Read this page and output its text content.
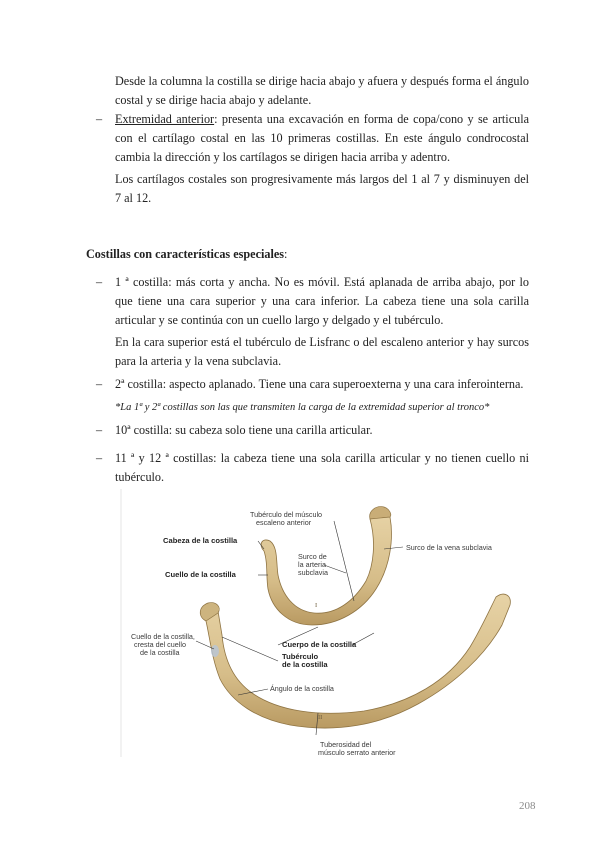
Desde la columna la costilla se dirige hacia abajo y afuera y después forma el ángulo costal y se dirige hacia abajo y adelante.

– Extremidad anterior: presenta una excavación en forma de copa/cono y se articula con el cartílago costal en las 10 primeras costillas. En este ángulo condrocostal cambia la dirección y los cartílagos se dirigen hacia arriba y adentro.

Los cartílagos costales son progresivamente más largos del 1 al 7 y disminuyen del 7 al 12.

Costillas con características especiales:

– 1 ª costilla: más corta y ancha. No es móvil. Está aplanada de arriba abajo, por lo que tiene una cara superior y una cara inferior. La cabeza tiene una sola carilla articular y se continúa con un cuello largo y delgado y el tubérculo.

En la cara superior está el tubérculo de Lisfranc o del escaleno anterior y hay surcos para la arteria y la vena subclavia.

– 2ª costilla: aspecto aplanado. Tiene una cara superoexterna y una cara inferointerna.

*La 1ª y 2ª costillas son las que transmiten la carga de la extremidad superior al tronco*

– 10ª costilla: su cabeza solo tiene una carilla articular.
– 11 ª y 12 ª costillas: la cabeza tiene una sola carilla articular y no tienen cuello ni tubérculo.
Tubérculo del músculo
escaleno anterior
Cabeza de la costilla
Surco de
la arteria
subclavia
Surco de la vena subclavia
Cuello de la costilla
Cuello de la costilla,
cresta del cuello
de la costilla
Cuerpo de la costilla
Tubérculo
de la costilla
Ángulo de la costilla
Tuberosidad del
músculo serrato anterior
I
II
208
